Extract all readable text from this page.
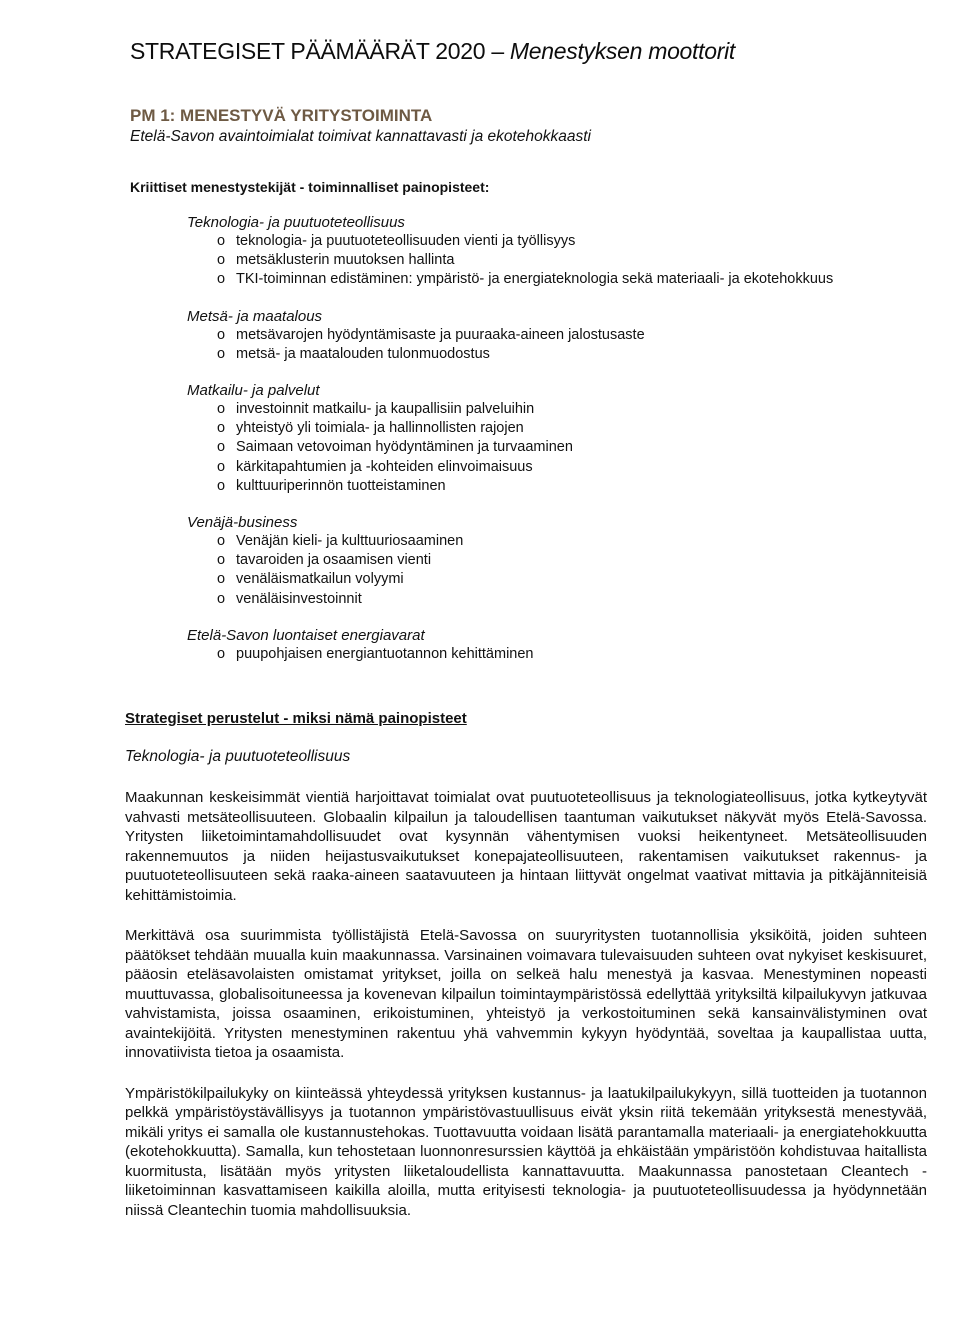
STRATEGISET PÄÄMÄÄRÄT 2020 – Menestyksen moottorit
PM 1: MENESTYVÄ YRITYSTOIMINTA
Etelä-Savon avaintoimialat toimivat kannattavasti ja ekotehokkaasti
Kriittiset menestystekijät - toiminnalliset painopisteet:
Teknologia- ja puutuoteteollisuus
o teknologia- ja puutuoteteollisuuden vienti ja työllisyys
o metsäklusterin muutoksen hallinta
o TKI-toiminnan edistäminen: ympäristö- ja energiateknologia sekä materiaali- ja ekotehokkuus
Metsä- ja maatalous
o metsävarojen hyödyntämisaste ja puuraaka-aineen jalostusaste
o metsä- ja maatalouden tulonmuodostus
Matkailu- ja palvelut
o investoinnit matkailu- ja kaupallisiin palveluihin
o yhteistyö yli toimiala- ja hallinnollisten rajojen
o Saimaan vetovoiman hyödyntäminen ja turvaaminen
o kärkitapahtumien ja -kohteiden elinvoimaisuus
o kulttuuriperinnön tuotteistaminen
Venäjä-business
o Venäjän kieli- ja kulttuuriosaaminen
o tavaroiden ja osaamisen vienti
o venäläismatkailun volyymi
o venäläisinvestoinnit
Etelä-Savon luontaiset energiavarat
o puupohjaisen energiantuotannon kehittäminen
Strategiset perustelut - miksi nämä painopisteet
Teknologia- ja puutuoteteollisuus

Maakunnan keskeisimmät vientiä harjoittavat toimialat ovat puutuoteteollisuus ja teknologiateollisuus, jotka kytkeytyvät vahvasti metsäteollisuuteen. Globaalin kilpailun ja taloudellisen taantuman vaikutukset näkyvät myös Etelä-Savossa. Yritysten liiketoimintamahdollisuudet ovat kysynnän vähentymisen vuoksi heikentyneet. Metsäteollisuuden rakennemuutos ja niiden heijastusvaikutukset konepajateollisuuteen, rakentamisen vaikutukset rakennus- ja puutuoteteollisuuteen sekä raaka-aineen saatavuuteen ja hintaan liittyvät ongelmat vaativat mittavia ja pitkäjänniteisiä kehittämistoimia.

Merkittävä osa suurimmista työllistäjistä Etelä-Savossa on suuryritysten tuotannollisia yksiköitä, joiden suhteen päätökset tehdään muualla kuin maakunnassa. Varsinainen voimavara tulevaisuuden suhteen ovat nykyiset keskisuuret, pääosin eteläsavolaisten omistamat yritykset, joilla on selkeä halu menestyä ja kasvaa. Menestyminen nopeasti muuttuvassa, globalisoituneessa ja kovenevan kilpailun toimintaympäristössä edellyttää yrityksiltä kilpailukyvyn jatkuvaa vahvistamista, joissa osaaminen, erikoistuminen, yhteistyö ja verkostoituminen sekä kansainvälistyminen ovat avaintekijöitä. Yritysten menestyminen rakentuu yhä vahvemmin kykyyn hyödyntää, soveltaa ja kaupallistaa uutta, innovatiivista tietoa ja osaamista.

Ympäristökilpailukyky on kiinteässä yhteydessä yrityksen kustannus- ja laatukilpailukykyyn, sillä tuotteiden ja tuotannon pelkkä ympäristöystävällisyys ja tuotannon ympäristövastuullisuus eivät yksin riitä tekemään yrityksestä menestyvää, mikäli yritys ei samalla ole kustannustehokas. Tuottavuutta voidaan lisätä parantamalla materiaali- ja energiatehokkuutta (ekotehokkuutta). Samalla, kun tehostetaan luonnonresurssien käyttöä ja ehkäistään ympäristöön kohdistuvaa haitallista kuormitusta, lisätään myös yritysten liiketaloudellista kannattavuutta. Maakunnassa panostetaan Cleantech -liiketoiminnan kasvattamiseen kaikilla aloilla, mutta erityisesti teknologia- ja puutuoteteollisuudessa ja hyödynnetään niissä Cleantechin tuomia mahdollisuuksia.
